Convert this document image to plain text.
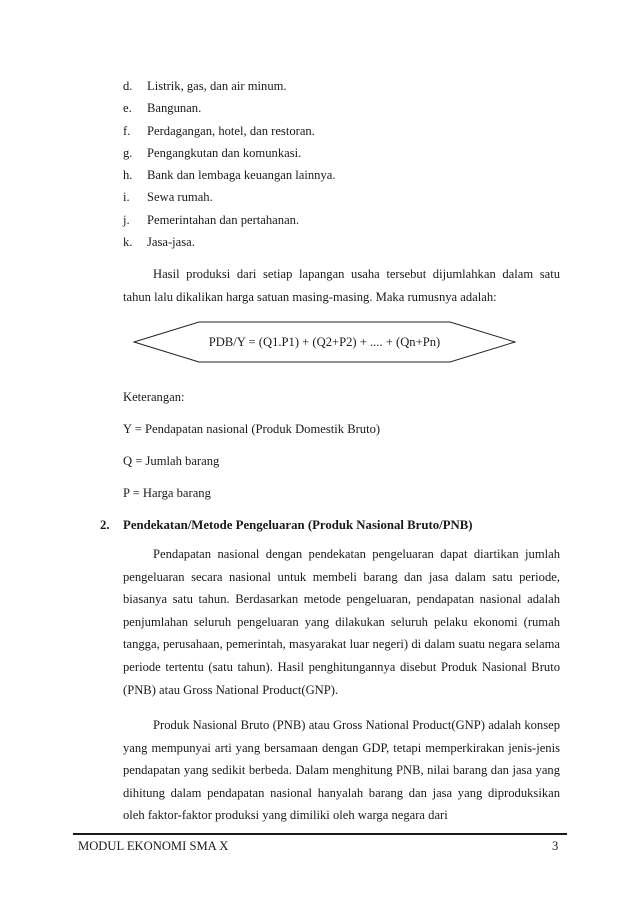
d. Listrik, gas, dan air minum.
e. Bangunan.
f. Perdagangan, hotel, dan restoran.
g. Pengangkutan dan komunkasi.
h. Bank dan lembaga keuangan lainnya.
i. Sewa rumah.
j. Pemerintahan dan pertahanan.
k. Jasa-jasa.

Hasil produksi dari setiap lapangan usaha tersebut dijumlahkan dalam satu tahun lalu dikalikan harga satuan masing-masing. Maka rumusnya adalah:

PDB/Y = (Q1.P1) + (Q2+P2) + .... + (Qn+Pn)
Keterangan:
Y = Pendapatan nasional (Produk Domestik Bruto)
Q = Jumlah barang
P = Harga barang
2. Pendekatan/Metode Pengeluaran (Produk Nasional Bruto/PNB)

Pendapatan nasional dengan pendekatan pengeluaran dapat diartikan jumlah pengeluaran secara nasional untuk membeli barang dan jasa dalam satu periode, biasanya satu tahun. Berdasarkan metode pengeluaran, pendapatan nasional adalah penjumlahan seluruh pengeluaran yang dilakukan seluruh pelaku ekonomi (rumah tangga, perusahaan, pemerintah, masyarakat luar negeri) di dalam suatu negara selama periode tertentu (satu tahun). Hasil penghitungannya disebut Produk Nasional Bruto (PNB) atau Gross National Product(GNP).

Produk Nasional Bruto (PNB) atau Gross National Product(GNP) adalah konsep yang mempunyai arti yang bersamaan dengan GDP, tetapi memperkirakan jenis-jenis pendapatan yang sedikit berbeda. Dalam menghitung PNB, nilai barang dan jasa yang dihitung dalam pendapatan nasional hanyalah barang dan jasa yang diproduksikan oleh faktor-faktor produksi yang dimiliki oleh warga negara dari

MODUL EKONOMI SMA X	3
